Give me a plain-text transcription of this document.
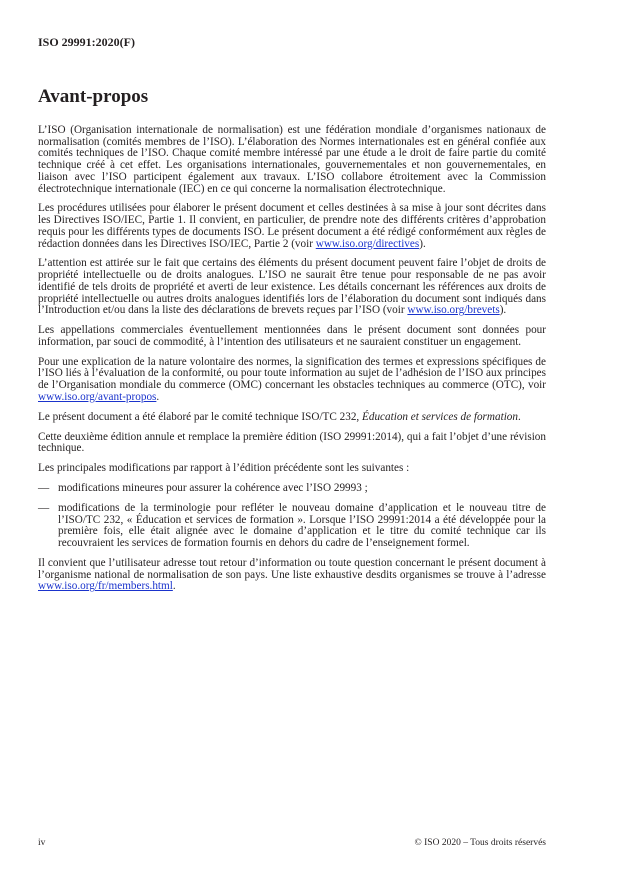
ISO 29991:2020(F)
Avant-propos

L’ISO (Organisation internationale de normalisation) est une fédération mondiale d’organismes nationaux de normalisation (comités membres de l’ISO). L’élaboration des Normes internationales est en général confiée aux comités techniques de l’ISO. Chaque comité membre intéressé par une étude a le droit de faire partie du comité technique créé à cet effet. Les organisations internationales, gouvernementales et non gouvernementales, en liaison avec l’ISO participent également aux travaux. L’ISO collabore étroitement avec la Commission électrotechnique internationale (IEC) en ce qui concerne la normalisation électrotechnique.

Les procédures utilisées pour élaborer le présent document et celles destinées à sa mise à jour sont décrites dans les Directives ISO/IEC, Partie 1. Il convient, en particulier, de prendre note des différents critères d’approbation requis pour les différents types de documents ISO. Le présent document a été rédigé conformément aux règles de rédaction données dans les Directives ISO/IEC, Partie 2 (voir www.iso.org/directives).

L’attention est attirée sur le fait que certains des éléments du présent document peuvent faire l’objet de droits de propriété intellectuelle ou de droits analogues. L’ISO ne saurait être tenue pour responsable de ne pas avoir identifié de tels droits de propriété et averti de leur existence. Les détails concernant les références aux droits de propriété intellectuelle ou autres droits analogues identifiés lors de l’élaboration du document sont indiqués dans l’Introduction et/ou dans la liste des déclarations de brevets reçues par l’ISO (voir www.iso.org/brevets).

Les appellations commerciales éventuellement mentionnées dans le présent document sont données pour information, par souci de commodité, à l’intention des utilisateurs et ne sauraient constituer un engagement.

Pour une explication de la nature volontaire des normes, la signification des termes et expressions spécifiques de l’ISO liés à l’évaluation de la conformité, ou pour toute information au sujet de l’adhésion de l’ISO aux principes de l’Organisation mondiale du commerce (OMC) concernant les obstacles techniques au commerce (OTC), voir www.iso.org/avant-propos.

Le présent document a été élaboré par le comité technique ISO/TC 232, Éducation et services de formation.

Cette deuxième édition annule et remplace la première édition (ISO 29991:2014), qui a fait l’objet d’une révision technique.

Les principales modifications par rapport à l’édition précédente sont les suivantes :

— modifications mineures pour assurer la cohérence avec l’ISO 29993 ;
— modifications de la terminologie pour refléter le nouveau domaine d’application et le nouveau titre de l’ISO/TC 232, « Éducation et services de formation ». Lorsque l’ISO 29991:2014 a été développée pour la première fois, elle était alignée avec le domaine d’application et le titre du comité technique car ils recouvraient les services de formation fournis en dehors du cadre de l’enseignement formel.

Il convient que l’utilisateur adresse tout retour d’information ou toute question concernant le présent document à l’organisme national de normalisation de son pays. Une liste exhaustive desdits organismes se trouve à l’adresse www.iso.org/fr/members.html.

iv	© ISO 2020 – Tous droits réservés
